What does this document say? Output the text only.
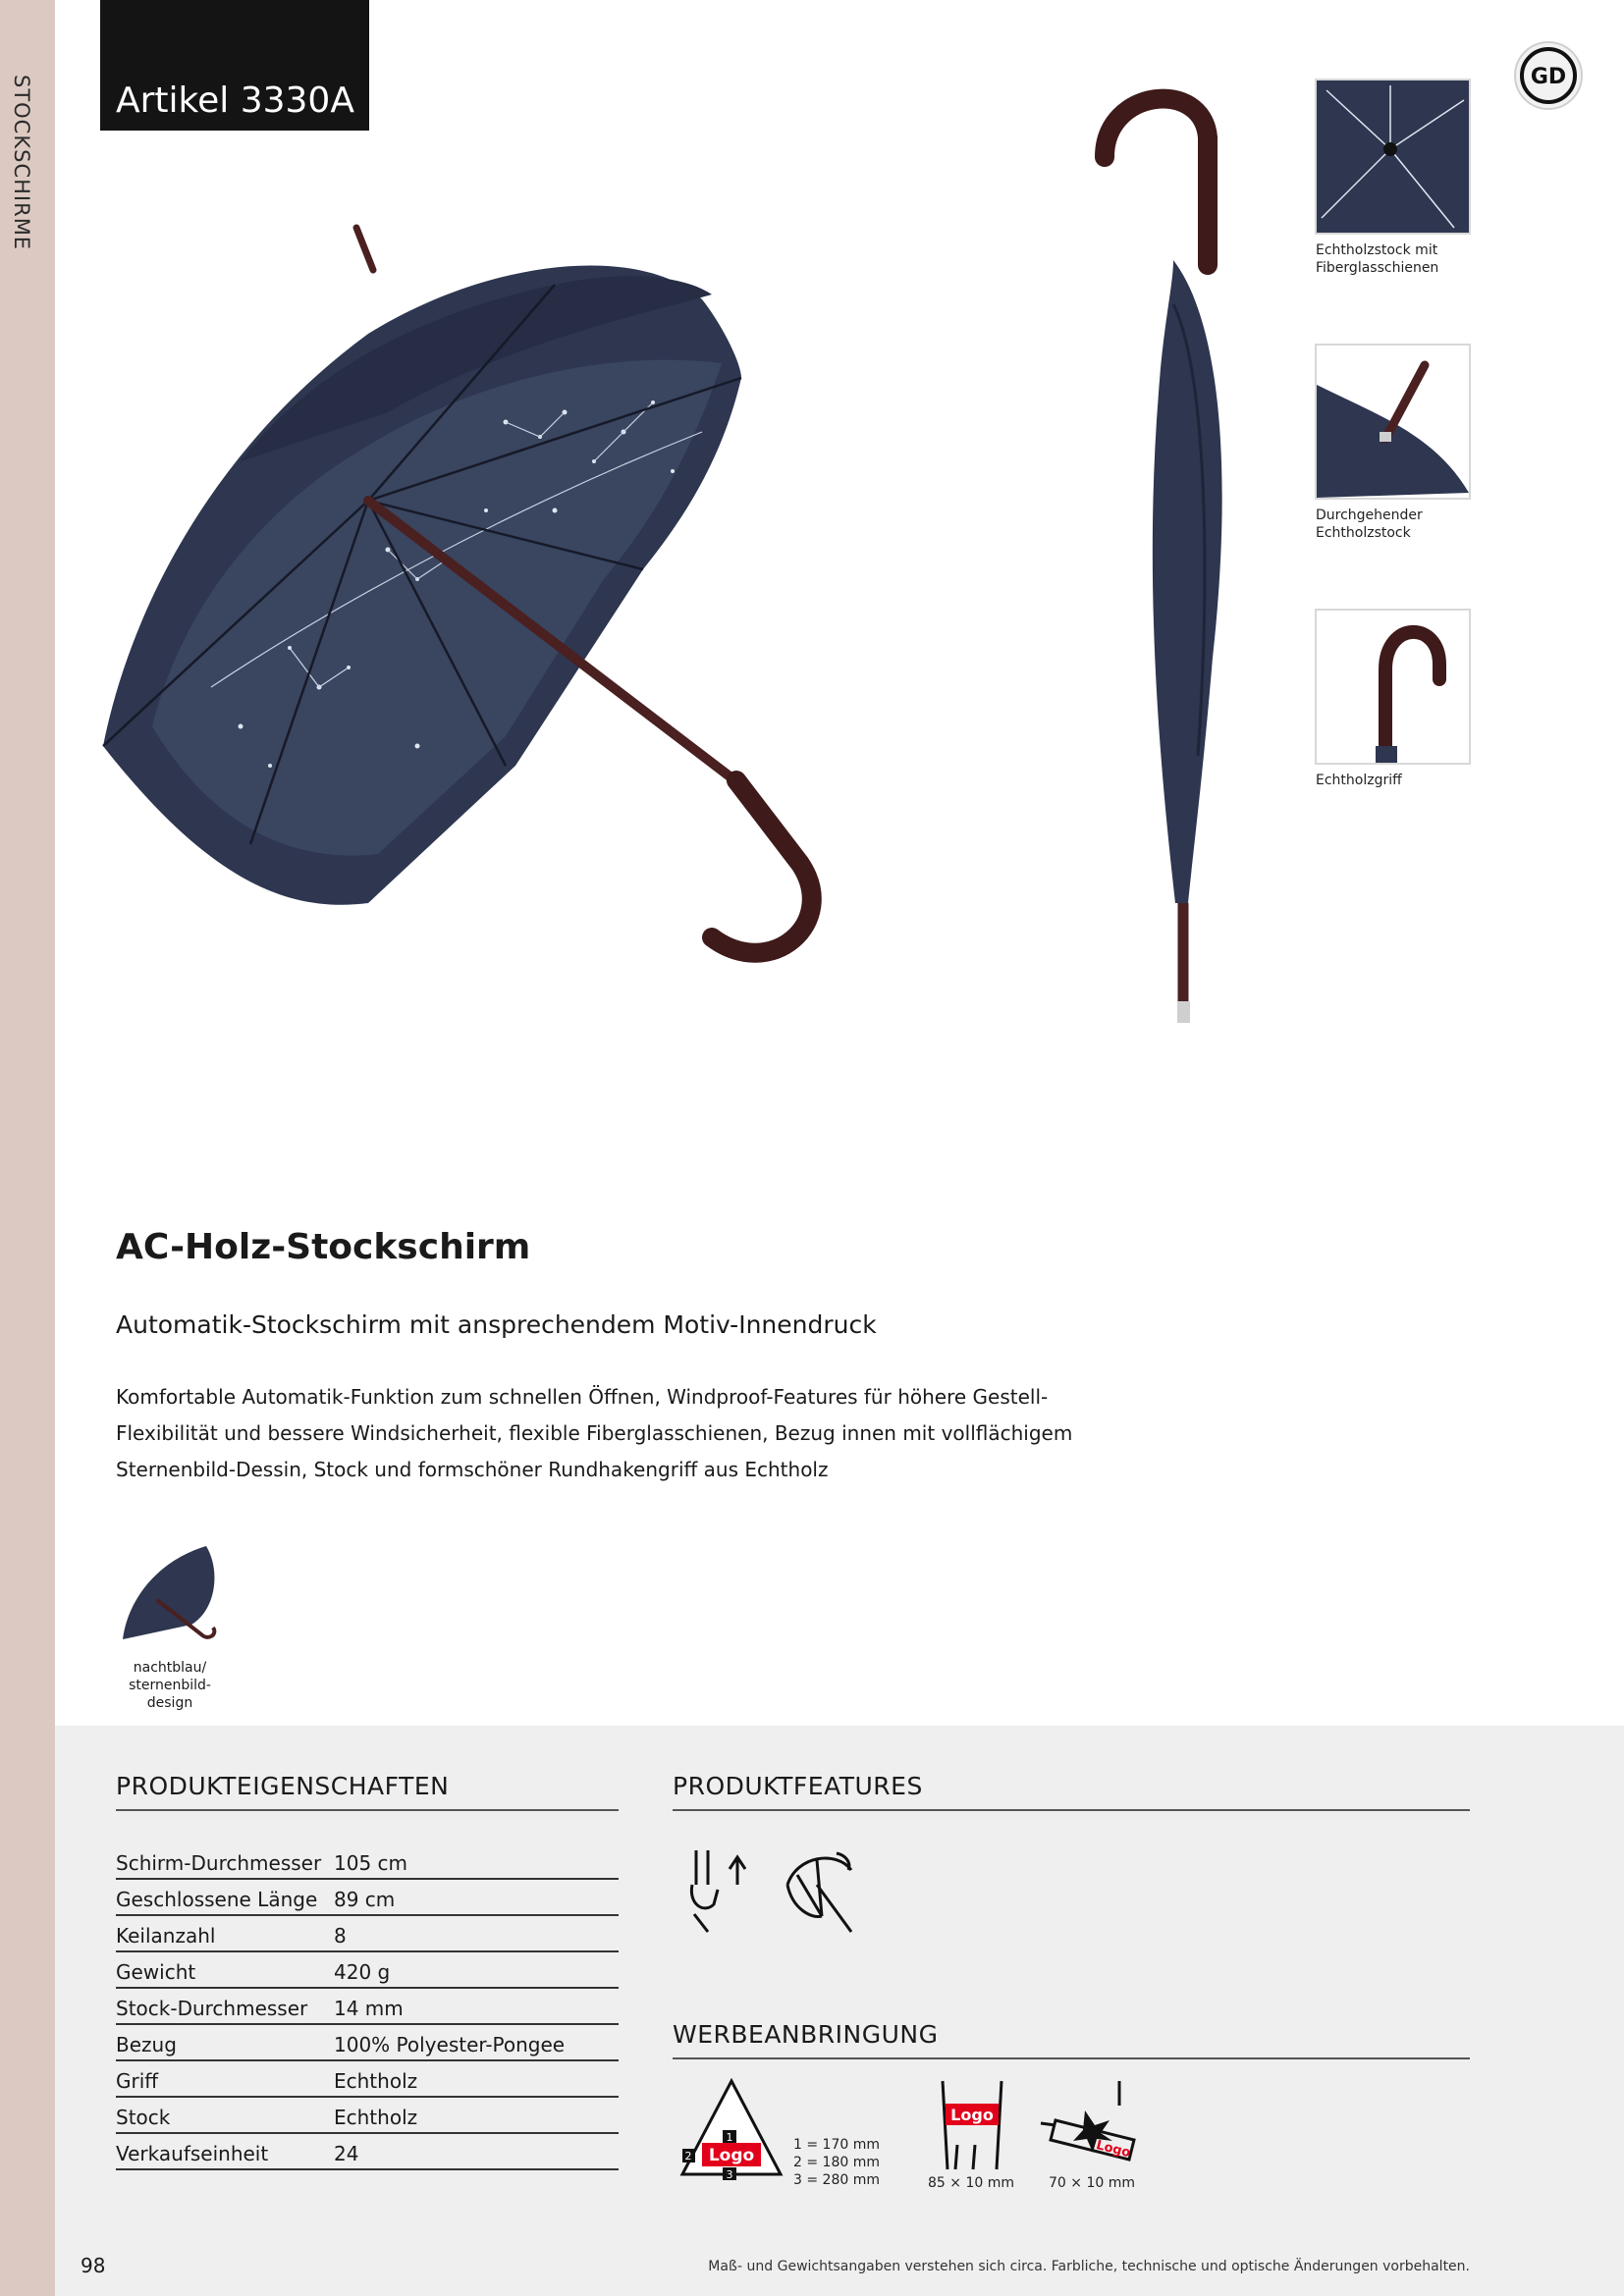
STOCKSCHIRME Artikel 3330A
GD
Echtholzstock mit
Fiberglasschienen
Durchgehender
Echtholzstock
Echtholzgriff
AC-Holz-Stockschirm
Automatik-Stockschirm mit ansprechendem Motiv-Innendruck
Komfortable Automatik-Funktion zum schnellen Öffnen, Windproof-Features für höhere Gestell-
Flexibilität und bessere Windsicherheit, flexible Fiberglasschienen, Bezug innen mit vollflächigem
Sternenbild-Dessin, Stock und formschöner Rundhakengriff aus Echtholz
nachtblau/
sternenbild-
design
PRODUKTEIGENSCHAFTEN
Schirm-Durchmesser 105 cm
Geschlossene Länge 89 cm
Keilanzahl	8
Gewicht	420 g
Stock-Durchmesser 14 mm
Bezug	100% Polyester-Pongee
Griff	Echtholz
Stock	Echtholz
Verkaufseinheit	24
PRODUKTFEATURES
WERBEANBRINGUNG
Logo
1
2
3
1 = 170 mm
2 = 180 mm
3 = 280 mm
Logo
85 × 10 mm
Logo
70 × 10 mm
98	Maß- und Gewichtsangaben verstehen sich circa. Farbliche, technische und optische Änderungen vorbehalten.
